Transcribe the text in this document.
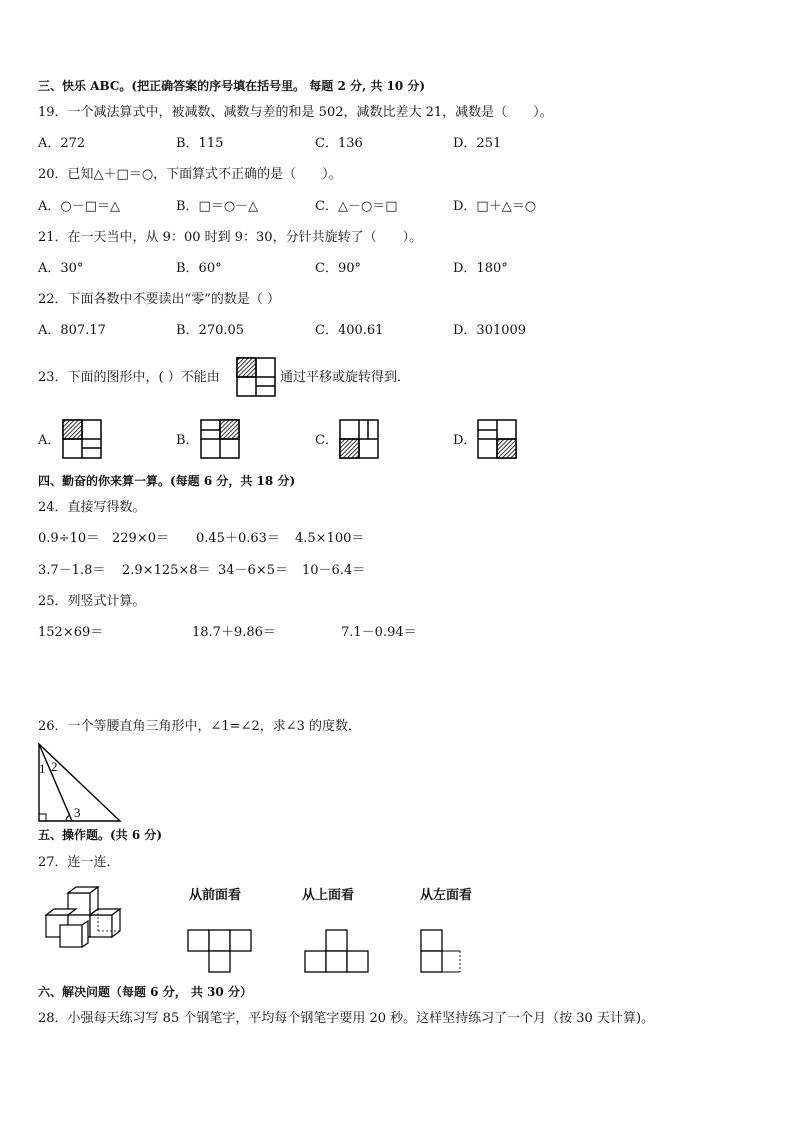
三、快乐 ABC。(把正确答案的序号填在括号里。 每题 2 分, 共 10 分)
19．一个减法算式中，被减数、减数与差的和是 502，减数比差大 21，减数是（　　）。
A．272	B．115	C．136	D．251
20．已知△＋□＝○，下面算式不正确的是（　　）。
A．○－□＝△	B．□＝○－△	C．△－○＝□	D．□＋△＝○
21．在一天当中，从 9：00 时到 9：30，分针共旋转了（　　）。
A．30°	B．60°	C．90°	D．180°
22．下面各数中不要读出“零”的数是（ ）
A．807.17	B．270.05	C．400.61	D．301009
23．下面的图形中，( ）不能由	通过平移或旋转得到．
A．	B．	C．	D．
四、勤奋的你来算一算。(每题 6 分，共 18 分)
24．直接写得数。
0.9÷10＝ 229×0＝ 0.45＋0.63＝ 4.5×100＝
3.7－1.8＝ 2.9×125×8＝ 34－6×5＝ 10－6.4＝
25．列竖式计算。
152×69＝	18.7＋9.86＝	7.1－0.94＝
26．一个等腰直角三角形中，∠1=∠2，求∠3 的度数．
1 2
3
五、操作题。(共 6 分)
27．连一连．
从前面看	从上面看	从左面看
六、解决问题（每题 6 分， 共 30 分）
28．小强每天练习写 85 个钢笔字，平均每个钢笔字要用 20 秒。这样坚持练习了一个月（按 30 天计算)。
